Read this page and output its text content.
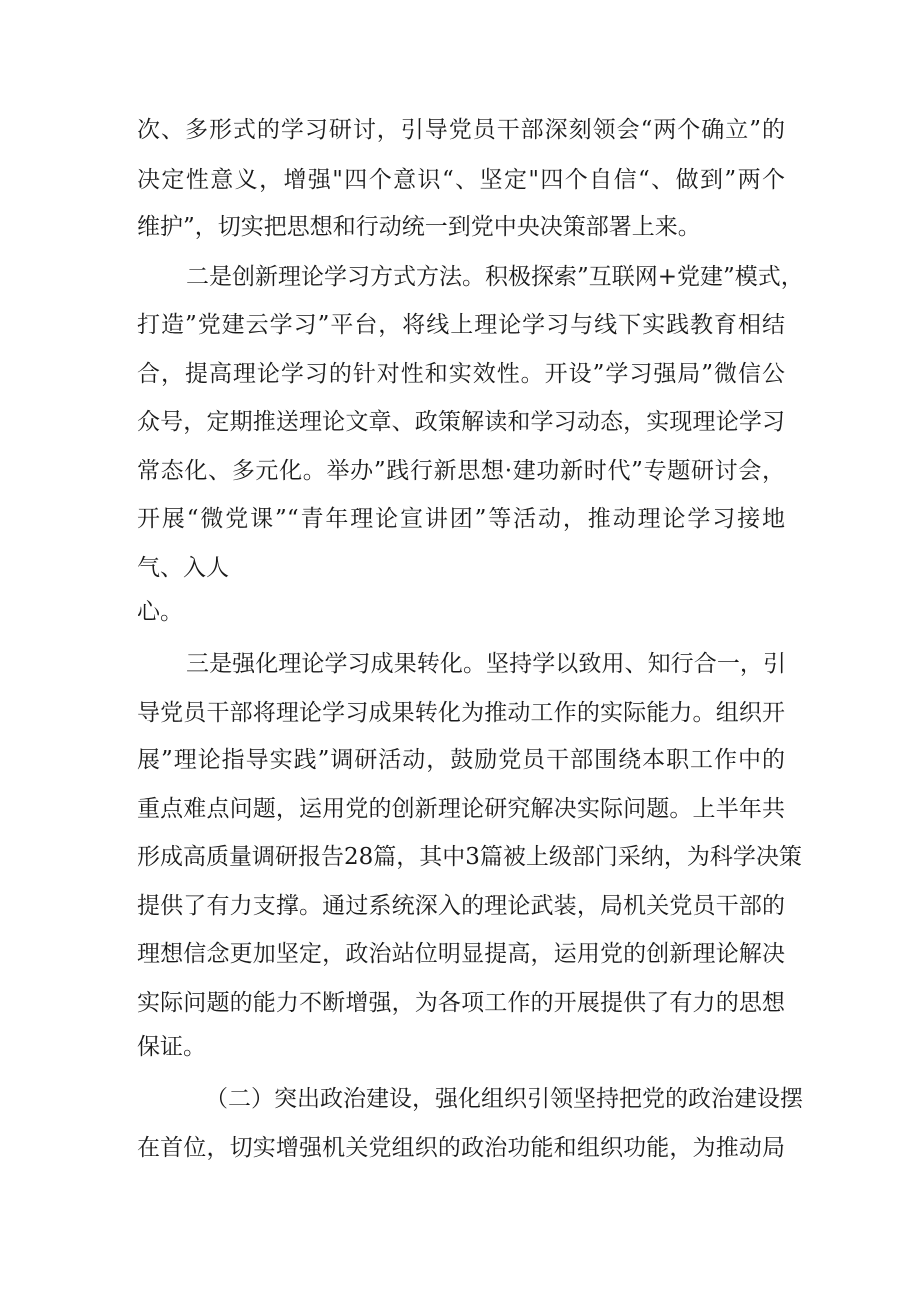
次、多形式的学习研讨，引导党员干部深刻领会“两个确立”的
决定性意义，增强"四个意识“、坚定"四个自信“、做到”两个
维护”，切实把思想和行动统一到党中央决策部署上来。
二是创新理论学习方式方法。积极探索”互联网+党建”模式，
打造”党建云学习”平台，将线上理论学习与线下实践教育相结
合，提高理论学习的针对性和实效性。开设”学习强局”微信公
众号，定期推送理论文章、政策解读和学习动态，实现理论学习
常态化、多元化。举办”践行新思想·建功新时代”专题研讨会，
开展“微党课”“青年理论宣讲团”等活动，推动理论学习接地
气、入人
心。
三是强化理论学习成果转化。坚持学以致用、知行合一，引
导党员干部将理论学习成果转化为推动工作的实际能力。组织开
展”理论指导实践”调研活动，鼓励党员干部围绕本职工作中的
重点难点问题，运用党的创新理论研究解决实际问题。上半年共
形成高质量调研报告28篇，其中3篇被上级部门采纳，为科学决策
提供了有力支撑。通过系统深入的理论武装，局机关党员干部的
理想信念更加坚定，政治站位明显提高，运用党的创新理论解决
实际问题的能力不断增强，为各项工作的开展提供了有力的思想
保证。
（二）突出政治建设，强化组织引领坚持把党的政治建设摆
在首位，切实增强机关党组织的政治功能和组织功能，为推动局
